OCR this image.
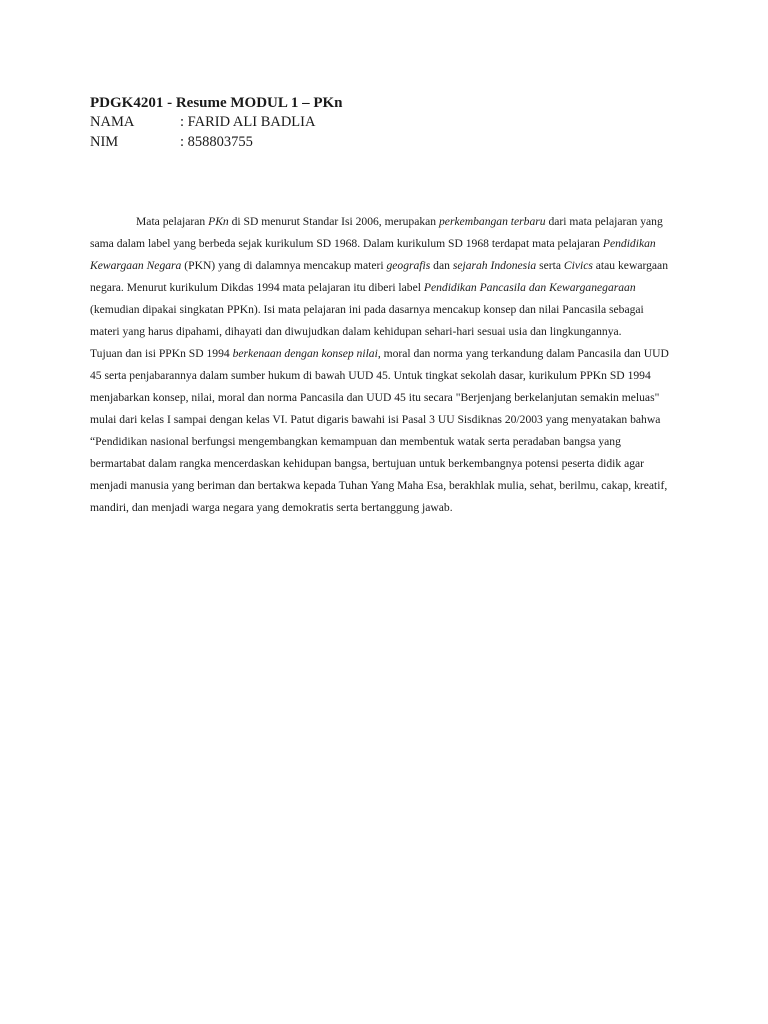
PDGK4201 - Resume MODUL 1 – PKn
NAMA	: FARID ALI BADLIA
NIM	: 858803755

Mata pelajaran PKn di SD menurut Standar Isi 2006, merupakan perkembangan terbaru dari mata pelajaran yang sama dalam label yang berbeda sejak kurikulum SD 1968. Dalam kurikulum SD 1968 terdapat mata pelajaran Pendidikan Kewargaan Negara (PKN) yang di dalamnya mencakup materi geografis dan sejarah Indonesia serta Civics atau kewargaan negara. Menurut kurikulum Dikdas 1994 mata pelajaran itu diberi label Pendidikan Pancasila dan Kewarganegaraan (kemudian dipakai singkatan PPKn). Isi mata pelajaran ini pada dasarnya mencakup konsep dan nilai Pancasila sebagai materi yang harus dipahami, dihayati dan diwujudkan dalam kehidupan sehari-hari sesuai usia dan lingkungannya.

Tujuan dan isi PPKn SD 1994 berkenaan dengan konsep nilai, moral dan norma yang terkandung dalam Pancasila dan UUD 45 serta penjabarannya dalam sumber hukum di bawah UUD 45. Untuk tingkat sekolah dasar, kurikulum PPKn SD 1994 menjabarkan konsep, nilai, moral dan norma Pancasila dan UUD 45 itu secara "Berjenjang berkelanjutan semakin meluas" mulai dari kelas I sampai dengan kelas VI. Patut digaris bawahi isi Pasal 3 UU Sisdiknas 20/2003 yang menyatakan bahwa “Pendidikan nasional berfungsi mengembangkan kemampuan dan membentuk watak serta peradaban bangsa yang bermartabat dalam rangka mencerdaskan kehidupan bangsa, bertujuan untuk berkembangnya potensi peserta didik agar menjadi manusia yang beriman dan bertakwa kepada Tuhan Yang Maha Esa, berakhlak mulia, sehat, berilmu, cakap, kreatif, mandiri, dan menjadi warga negara yang demokratis serta bertanggung jawab.
